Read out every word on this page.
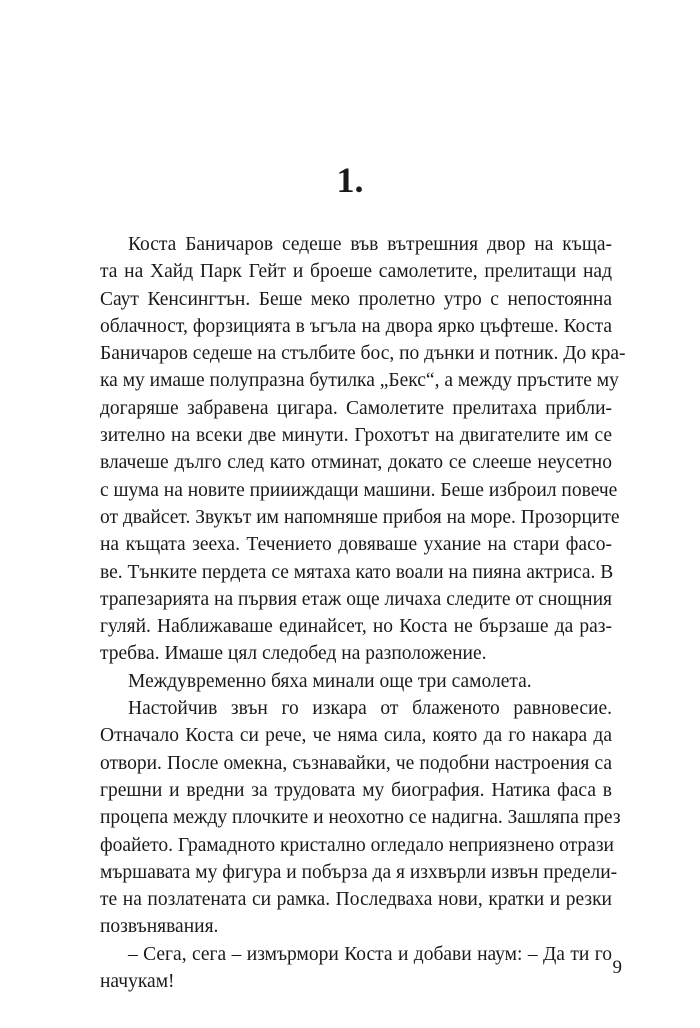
1.
Коста Баничаров седеше във вътрешния двор на къща-
та на Хайд Парк Гейт и броеше самолетите, прелитащи над
Саут Кенсингтън. Беше меко пролетно утро с непостоянна
облачност, форзицията в ъгъла на двора ярко цъфтеше. Коста
Баничаров седеше на стълбите бос, по дънки и потник. До кра-
ка му имаше полупразна бутилка „Бекс“, а между пръстите му
догаряше забравена цигара. Самолетите прелитаха прибли-
зително на всеки две минути. Грохотът на двигателите им се
влачеше дълго след като отминат, докато се слееше неусетно
с шума на новите приииждащи машини. Беше изброил повече
от двайсет. Звукът им напомняше прибоя на море. Прозорците
на къщата зееха. Течението довяваше ухание на стари фасо-
ве. Тънките пердета се мятаха като воали на пияна актриса. В
трапезарията на първия етаж още личаха следите от снощния
гуляй. Наближаваше единайсет, но Коста не бързаше да раз-
требва. Имаше цял следобед на разположение.
Междувременно бяха минали още три самолета.
Настойчив звън го изкара от блаженото равновесие.
Отначало Коста си рече, че няма сила, която да го накара да
отвори. После омекна, съзнавайки, че подобни настроения са
грешни и вредни за трудовата му биография. Натика фаса в
процепа между плочките и неохотно се надигна. Зашляпа през
фоайето. Грамадното кристално огледало неприязнено отрази
мършавата му фигура и побърза да я изхвърли извън предели-
те на позлатената си рамка. Последваха нови, кратки и резки
позвънявания.
– Сега, сега – измърмори Коста и добави наум: – Да ти го
начукам!
9
